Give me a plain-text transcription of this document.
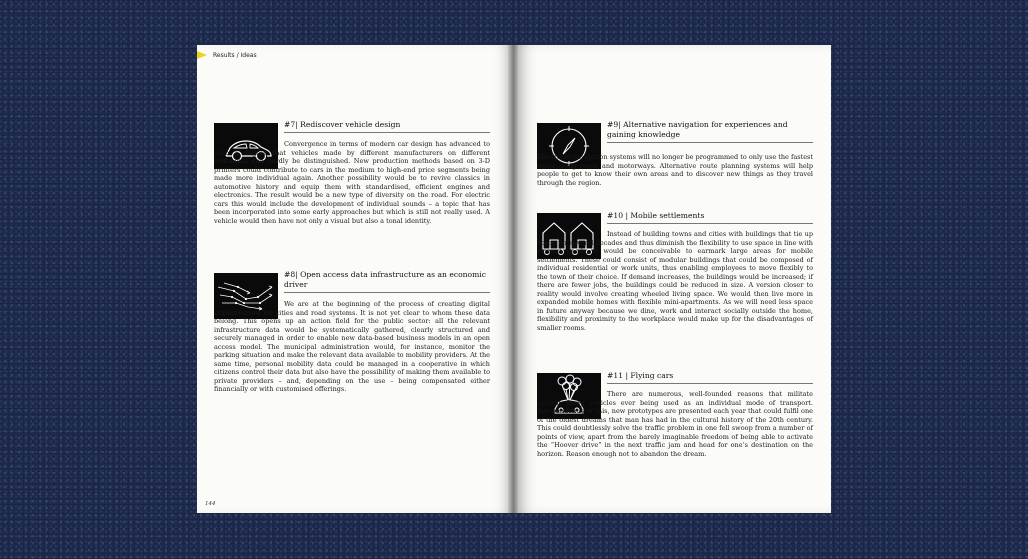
Results / Ideas
#7| Rediscover vehicle design
Convergence in terms of modern car design has advanced to such a degree that vehicles made by different manufacturers on different continents can hardly be distinguished. New production methods based on 3-D printers could contribute to cars in the medium to high-end price segments being made more individual again. Another possibility would be to revive classics in automotive history and equip them with standardised, efficient engines and electronics. The result would be a new type of diversity on the road. For electric cars this would include the development of individual sounds – a topic that has been incorporated into some early approaches but which is still not really used. A vehicle would then have not only a visual but also a tonal identity.
#8| Open access data infrastructure as an economic driver
We are at the beginning of the process of creating digital infrastructure for cities and road systems. It is not yet clear to whom these data belong. This opens up an action field for the public sector: all the relevant infrastructure data would be systematically gathered, clearly structured and securely managed in order to enable new data-based business models in an open access model. The municipal administration would, for instance, monitor the parking situation and make the relevant data available to mobility providers. At the same time, personal mobility data could be managed in a cooperative in which citizens control their data but also have the possibility of making them available to private providers – and, depending on the use – being compensated either financially or with customised offerings.
144
#9| Alternative navigation for experiences and gaining knowledge
Electronic navigation systems will no longer be programmed to only use the fastest route along roads and motorways. Alternative route planning systems will help people to get to know their own areas and to discover new things as they travel through the region.
#10 | Mobile settlements
Instead of building towns and cities with buildings that tie up space for several decades and thus diminish the flexibility to use space in line with current needs, it would be conceivable to earmark large areas for mobile settlements. These could consist of modular buildings that could be composed of individual residential or work units, thus enabling employees to move flexibly to the town of their choice. If demand increases, the buildings would be increased; if there are fewer jobs, the buildings could be reduced in size. A version closer to reality would involve creating wheeled living space. We would then live more in expanded mobile homes with flexible mini-apartments. As we will need less space in future anyway because we dine, work and interact socially outside the home, flexibility and proximity to the workplace would make up for the disadvantages of smaller rooms.
#11 | Flying cars
There are numerous, well-founded reasons that militate against flying vehicles ever being used as an individual mode of transport. Independently of this, new prototypes are presented each year that could fulfil one of the oldest dreams that man has had in the cultural history of the 20th century. This could doubtlessly solve the traffic problem in one fell swoop from a number of points of view, apart from the barely imaginable freedom of being able to activate the “Hoover drive” in the next traffic jam and head for one’s destination on the horizon. Reason enough not to abandon the dream.
